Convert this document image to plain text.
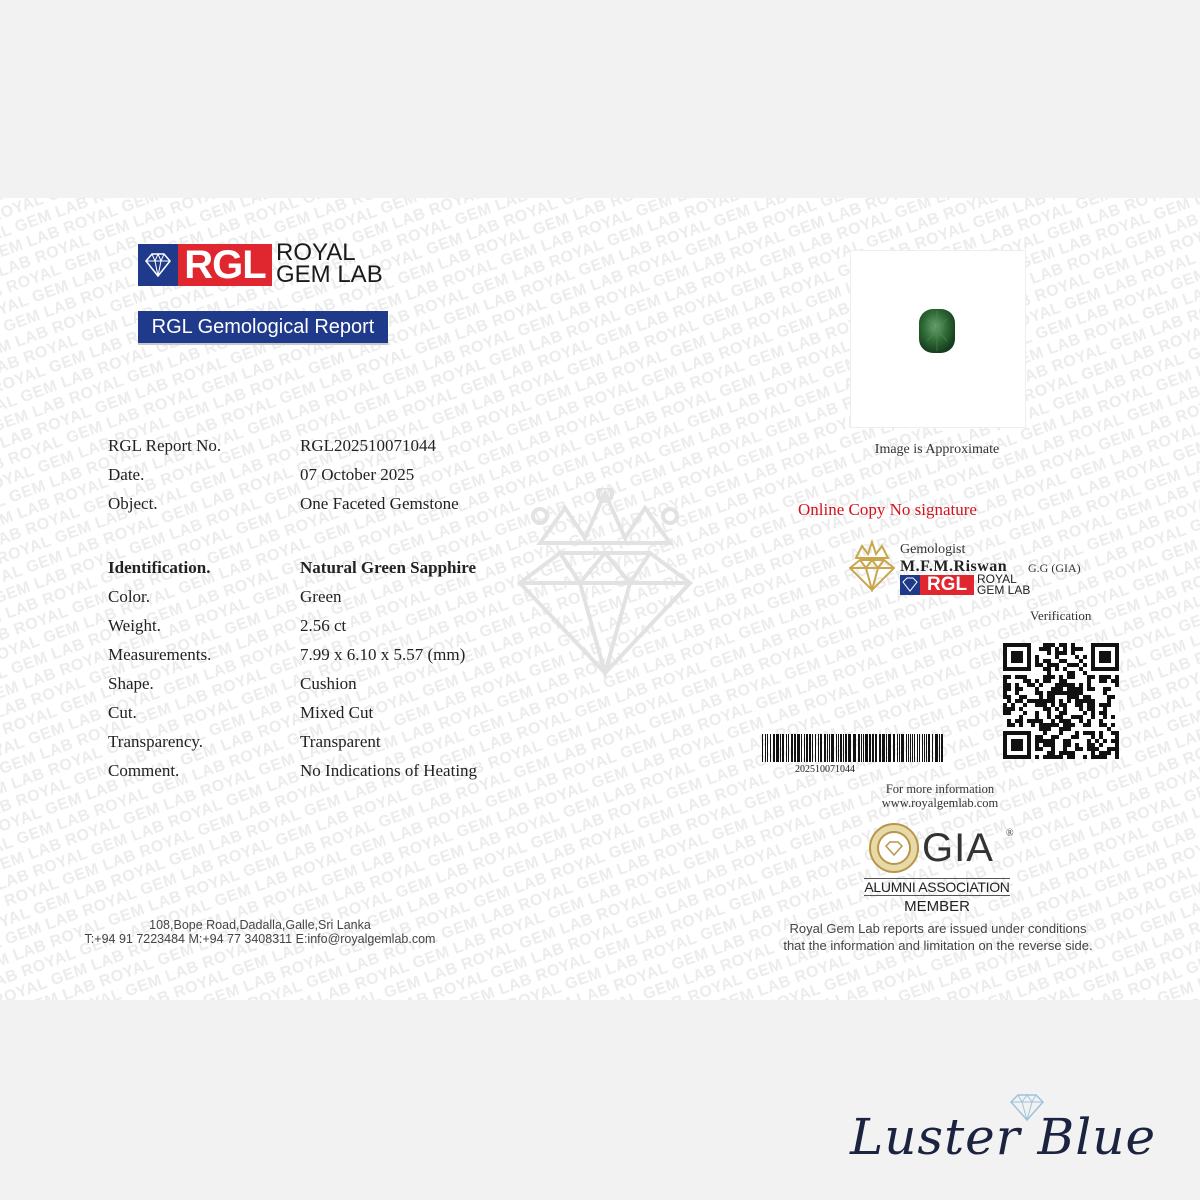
LAB ROYAL GEM LAB ROYAL GEM LAB ROYAL GEM LAB ROYAL GEM LAB ROYAL GEM LAB ROYAL GEM LAB GEM LAB ROYAL GEM
ROYAL GEM LAB ROYAL GEM LAB ROYAL GEM LAB ROYAL GEM LAB ROYAL GEM LAB ROYAL GEM LAB ROYAL LAB ROYAL GEM LAB
ROYAL GEM LAB ROYAL GEM LAB ROYAL GEM LAB ROYAL GEM LAB ROYAL GEM LAB ROYAL GEM LAB ROYAL GEM LAB ROYAL GEM LAB ROYAL
GEM LAB ROYAL GEM LAB ROYAL GEM LAB ROYAL GEM LAB ROYAL GEM LAB ROYAL GEM LAB ROYAL GEM LAB ROYAL ROYAL GEM LAB ROYAL
GEM LAB ROYAL GEM LAB ROYAL GEM LAB ROYAL GEM LAB ROYAL GEM LAB ROYAL GEM LAB ROYAL GEM LAB ROYAL GEM LAB GEM LAB ROYAL GEM
LAB ROYAL GEM LAB ROYAL GEM LAB ROYAL GEM LAB ROYAL GEM LAB ROYAL GEM LAB ROYAL GEM LAB ROYAL GEM LAB ROYAL GEM LAB ROYAL GEM LAB
ROYAL GEM LAB ROYAL GEM LAB ROYAL GEM LAB ROYAL GEM LAB ROYAL GEM LAB ROYAL GEM LAB ROYAL GEM LAB ROYAL GEM LAB ROYAL GEM LAB
ROYAL GEM LAB ROYAL GEM LAB ROYAL GEM LAB ROYAL GEM LAB ROYAL GEM LAB ROYAL GEM LAB ROYAL GEM LAB ROYAL GEM LAB ROYAL GEM LAB ROYAL
GEM LAB ROYAL GEM LAB ROYAL GEM LAB ROYAL GEM LAB ROYAL GEM LAB ROYAL GEM LAB ROYAL GEM LAB ROYAL GEM LAB ROYAL GEM LAB ROYAL
LAB ROYAL GEM LAB ROYAL GEM LAB ROYAL GEM LAB ROYAL GEM LAB ROYAL GEM LAB ROYAL GEM LAB ROYAL GEM LAB ROYAL GEM LAB ROYAL GEM
LAB ROYAL GEM LAB ROYAL GEM LAB ROYAL GEM LAB ROYAL GEM LAB ROYAL GEM LAB ROYAL GEM LAB ROYAL GEM LAB ROYAL GEM LAB ROYAL GEM LAB
ROYAL GEM LAB ROYAL GEM LAB ROYAL GEM LAB ROYAL GEM LAB ROYAL GEM LAB ROYAL GEM LAB ROYAL GEM GEM LAB ROYAL GEM LAB ROYAL
ROYAL GEM LAB ROYAL GEM LAB ROYAL GEM LAB ROYAL GEM LAB ROYAL GEM LAB ROYAL GEM LAB ROYAL GEM LAB ROYAL LAB ROYAL GEM LAB ROYAL
GEM LAB ROYAL GEM LAB ROYAL GEM LAB ROYAL GEM LAB ROYAL GEM LAB ROYAL GEM LAB ROYAL GEM LAB ROYAL GEM LAB ROYAL GEM LAB ROYAL GEM
LAB ROYAL GEM LAB ROYAL GEM LAB ROYAL GEM LAB ROYAL GEM LAB ROYAL GEM LAB ROYAL GEM LAB ROYAL GEM LAB ROYAL GEM LAB ROYAL GEM
ROYAL GEM LAB ROYAL GEM LAB ROYAL GEM LAB ROYAL GEM LAB ROYAL GEM LAB ROYAL GEM LAB ROYAL GEM LAB ROYAL GEM LAB ROYAL GEM LAB
LAB ROYAL GEM LAB ROYAL GEM LAB ROYAL GEM LAB ROYAL GEM LAB ROYAL GEM LAB ROYAL GEM LAB ROYAL GEM ROYAL GEM LAB ROYAL
GEM LAB ROYAL GEM LAB ROYAL GEM LAB ROYAL GEM LAB ROYAL GEM LAB ROYAL GEM LAB ROYAL GEM LAB GEM LAB ROYAL
ROYAL GEM LAB ROYAL GEM LAB ROYAL GEM LAB ROYAL GEM LAB ROYAL GEM ROYAL GEM LAB ROYAL GEM
GEM LAB ROYAL GEM LAB ROYAL GEM LAB ROYAL GEM LAB ROYAL GEM LAB ROYAL LAB ROYAL ROYAL GEM LAB
ROYAL GEM LAB ROYAL GEM LAB ROYAL GEM LAB ROYAL GEM LAB ROYAL GEM LAB ROYAL GEM GEM LAB ROYAL
LAB ROYAL GEM LAB ROYAL GEM LAB ROYAL GEM LAB ROYAL GEM LAB ROYAL GEM LAB ROYAL
GEM LAB ROYAL GEM LAB ROYAL GEM LAB ROYAL GEM LAB ROYAL GEM LAB ROYAL ROYAL GEM
ROYAL GEM LAB ROYAL GEM LAB ROYAL GEM LAB ROYAL GEM LAB ROYAL GEM ROYAL GEM
GEM LAB ROYAL GEM LAB ROYAL GEM LAB ROYAL LAB ROYAL GEM LAB ROYAL GEM LAB
ROYAL GEM LAB ROYAL GEM LAB ROYAL GEM ROYAL GEM LAB ROYAL GEM LAB ROYAL
LAB ROYAL GEM LAB ROYAL GEM LAB ROYAL GEM LAB ROYAL GEM LAB ROYAL
GEM LAB ROYAL GEM LAB ROYAL GEM LAB ROYAL GEM LAB ROYAL GEM
ROYAL GEM LAB ROYAL GEM LAB ROYAL GEM LAB ROYAL GEM LAB
LAB ROYAL GEM LAB ROYAL GEM LAB ROYAL GEM LAB
ROYAL GEM LAB ROYAL GEM LAB ROYAL GEM LAB ROYAL
LAB ROYAL GEM LAB ROYAL GEM LAB ROYAL
GEM LAB ROYAL GEM LAB ROYAL GEM
ROYAL GEM LAB ROYAL GEM LAB
LAB ROYAL GEM LAB ROYAL
GEM LAB ROYAL
LAB ROYAL GEM
GEM LAB
RGL ROYAL
GEM LAB
RGL Gemological Report
RGL Report No.	RGL202510071044
Date.	07 October 2025
Object.	One Faceted Gemstone
Identification.	Natural Green Sapphire
Color.	Green
Weight.	2.56 ct
Measurements.	7.99 x 6.10 x 5.57 (mm)
Shape.	Cushion
Cut.	Mixed Cut
Transparency.	Transparent
Comment.	No Indications of Heating
Image is Approximate
Online Copy No signature
Gemologist
M.F.M.Riswan G.G (GIA)
RGL ROYAL
GEM LAB
Verification
202510071044
For more information
www.royalgemlab.com
GIA ®
ALUMNI ASSOCIATION
MEMBER
108,Bope Road,Dadalla,Galle,Sri Lanka
T:+94 91 7223484 M:+94 77 3408311 E:info@royalgemlab.com
Royal Gem Lab reports are issued under conditions
that the information and limitation on the reverse side.
Luster Blue
